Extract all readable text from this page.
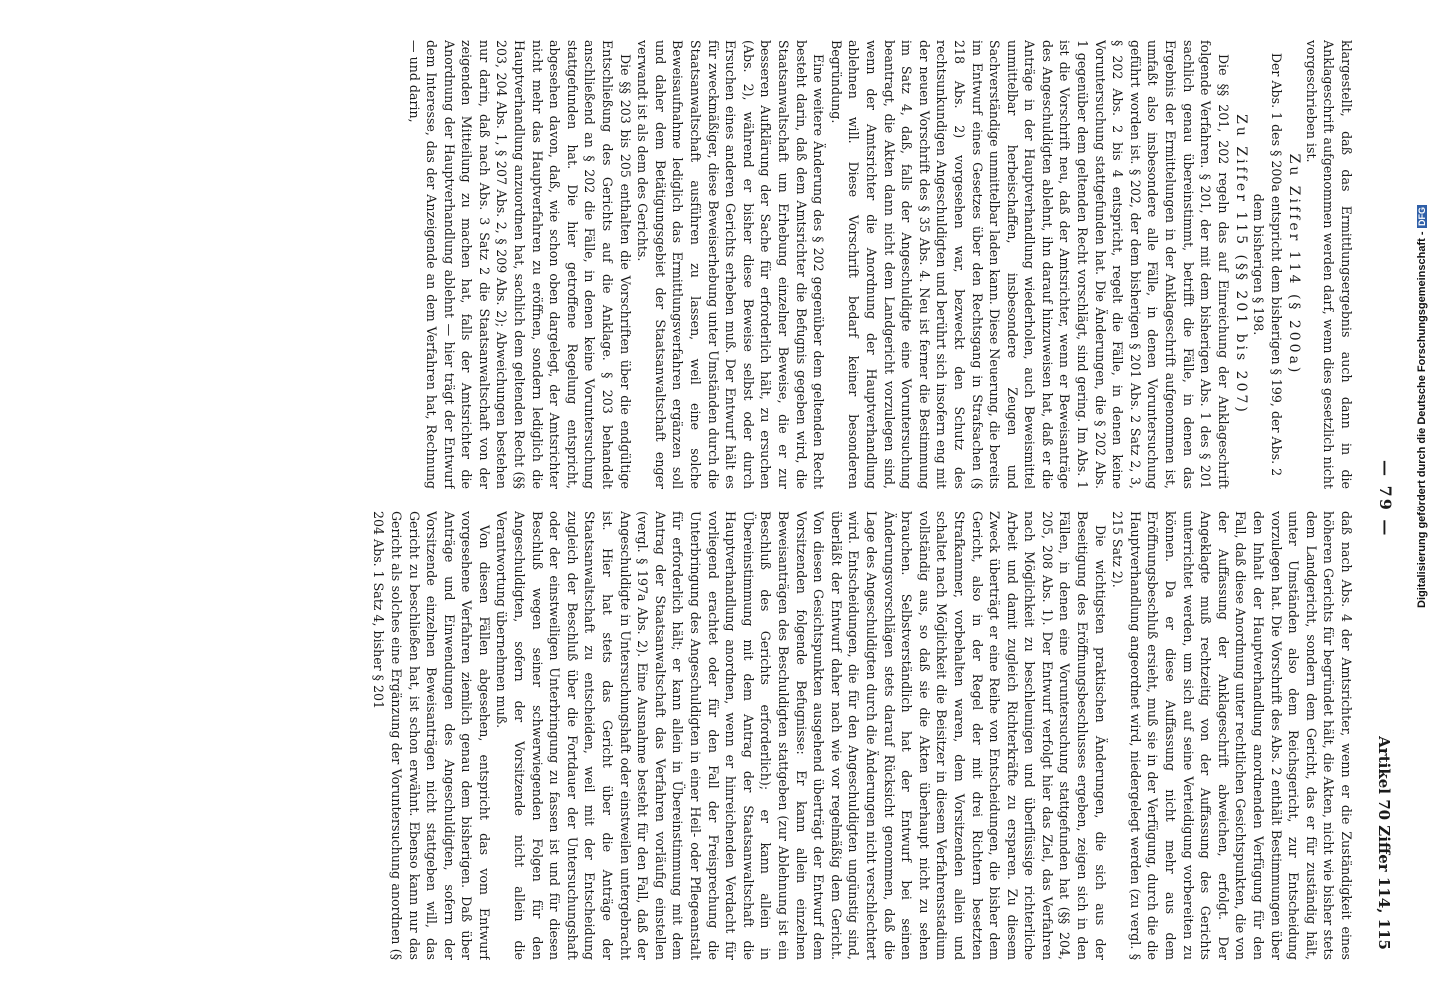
— 79 —
Artikel 70 Ziffer 114, 115

klargestellt, daß das Ermittlungsergebnis auch dann in die Anklageschrift aufgenommen werden darf, wenn dies gesetzlich nicht vorgeschrieben ist.

Zu Ziffer 114 (§ 200a)

Der Abs. 1 des § 200a entspricht dem bisherigen § 199, der Abs. 2 dem bisherigen § 198.

Zu Ziffer 115 (§§ 201 bis 207)

Die §§ 201, 202 regeln das auf Einreichung der Anklageschrift folgende Verfahren. § 201, der mit dem bisherigen Abs. 1 des § 201 sachlich genau übereinstimmt, betrifft die Fälle, in denen das Ergebnis der Ermittelungen in der Anklageschrift aufgenommen ist, umfaßt also insbesondere alle Fälle, in denen Voruntersuchung geführt worden ist. § 202, der dem bisherigen § 201 Abs. 2 Satz 2, 3, § 202 Abs. 2 bis 4 entspricht, regelt die Fälle, in denen keine Voruntersuchung stattgefunden hat. Die Änderungen, die § 202 Abs. 1 gegenüber dem geltenden Recht vorschlägt, sind gering. Im Abs. 1 ist die Vorschrift neu, daß der Amtsrichter, wenn er Beweisanträge des Angeschuldigten ablehnt, ihn darauf hinzuweisen hat, daß er die Anträge in der Hauptverhandlung wiederholen, auch Beweismittel unmittelbar herbeischaffen, insbesondere Zeugen und Sachverständige unmittelbar laden kann. Diese Neuerung, die bereits im Entwurf eines Gesetzes über den Rechtsgang in Strafsachen (§ 218 Abs. 2) vorgesehen war, bezweckt den Schutz des rechtsunkundigen Angeschuldigten und berührt sich insofern eng mit der neuen Vorschrift des § 35 Abs. 4. Neu ist ferner die Bestimmung im Satz 4, daß, falls der Angeschuldigte eine Voruntersuchung beantragt, die Akten dann nicht dem Landgericht vorzulegen sind, wenn der Amtsrichter die Anordnung der Hauptverhandlung ablehnen will. Diese Vorschrift bedarf keiner besonderen Begründung.

Eine weitere Änderung des § 202 gegenüber dem geltenden Recht besteht darin, daß dem Amtsrichter die Befugnis gegeben wird, die Staatsanwaltschaft um Erhebung einzelner Beweise, die er zur besseren Aufklärung der Sache für erforderlich hält, zu ersuchen (Abs. 2), während er bisher diese Beweise selbst oder durch Ersuchen eines anderen Gerichts erheben muß. Der Entwurf hält es für zweckmäßiger, diese Beweiserhebung unter Umständen durch die Staatsanwaltschaft ausführen zu lassen, weil eine solche Beweisaufnahme lediglich das Ermittlungsverfahren ergänzen soll und daher dem Betätigungsgebiet der Staatsanwaltschaft enger verwandt ist als dem des Gerichts.

Die §§ 203 bis 205 enthalten die Vorschriften über die endgültige Entschließung des Gerichts auf die Anklage. § 203 behandelt anschließend an § 202 die Fälle, in denen keine Voruntersuchung stattgefunden hat. Die hier getroffene Regelung entspricht, abgesehen davon, daß, wie schon oben dargelegt, der Amtsrichter nicht mehr das Hauptverfahren zu eröffnen, sondern lediglich die Hauptverhandlung anzuordnen hat, sachlich dem geltenden Recht (§§ 203, 204 Abs. 1, § 207 Abs. 2, § 209 Abs. 2); Abweichungen bestehen nur darin, daß nach Abs. 3 Satz 2 die Staatsanwaltschaft von der zeigenden Mitteilung zu machen hat, falls der Amtsrichter die Anordnung der Hauptverhandlung ablehnt — hier trägt der Entwurf dem Interesse, das der Anzeigende an dem Verfahren hat, Rechnung — und darin,

daß nach Abs. 4 der Amtsrichter, wenn er die Zuständigkeit eines höheren Gerichts für begründet hält, die Akten, nicht wie bisher stets dem Landgericht, sondern dem Gericht, das er für zuständig hält, unter Umständen also dem Reichsgericht, zur Entscheidung vorzulegen hat. Die Vorschrift des Abs. 2 enthält Bestimmungen über den Inhalt der Hauptverhandlung anordnenden Verfügung für den Fall, daß diese Anordnung unter rechtlichen Gesichtspunkten, die von der Auffassung der Anklageschrift abweichen, erfolgt. Der Angeklagte muß rechtzeitig von der Auffassung des Gerichts unterrichtet werden, um sich auf seine Verteidigung vorbereiten zu können. Da er diese Auffassung nicht mehr aus dem Eröffnungsbeschluß ersieht, muß sie in der Verfügung, durch die die Hauptverhandlung angeordnet wird, niedergelegt werden (zu vergl. § 215 Satz 2).

Die wichtigsten praktischen Änderungen, die sich aus der Beseitigung des Eröffnungsbeschlusses ergeben, zeigen sich in den Fällen, in denen eine Voruntersuchung stattgefunden hat (§§ 204, 205, 208 Abs. 1). Der Entwurf verfolgt hier das Ziel, das Verfahren nach Möglichkeit zu beschleunigen und überflüssige richterliche Arbeit und damit zugleich Richterkräfte zu ersparen. Zu diesem Zweck überträgt er eine Reihe von Entscheidungen, die bisher dem Gericht, also in der Regel der mit drei Richtern besetzten Strafkammer, vorbehalten waren, dem Vorsitzenden allein und schaltet nach Möglichkeit die Beisitzer in diesem Verfahrensstadium vollständig aus, so daß sie die Akten überhaupt nicht zu sehen brauchen. Selbstverständlich hat der Entwurf bei seinen Änderungsvorschlägen stets darauf Rücksicht genommen, daß die Lage des Angeschuldigten durch die Änderungen nicht verschlechtert wird. Entscheidungen, die für den Angeschuldigten ungünstig sind, überläßt der Entwurf daher nach wie vor regelmäßig dem Gericht. Von diesen Gesichtspunkten ausgehend überträgt der Entwurf dem Vorsitzenden folgende Befugnisse: Er kann allein einzelnen Beweisanträgen des Beschuldigten stattgeben (zur Ablehnung ist ein Beschluß des Gerichts erforderlich); er kann allein in Übereinstimmung mit dem Antrag der Staatsanwaltschaft die Hauptverhandlung anordnen, wenn er hinreichenden Verdacht für vorliegend erachtet oder für den Fall der Freisprechung die Unterbringung des Angeschuldigten in einer Heil- oder Pflegeanstalt für erforderlich hält; er kann allein in Übereinstimmung mit dem Antrag der Staatsanwaltschaft das Verfahren vorläufig einstellen (vergl. § 197a Abs. 2). Eine Ausnahme besteht für den Fall, daß der Angeschuldigte in Untersuchungshaft oder einstweilen untergebracht ist. Hier hat stets das Gericht über die Anträge der Staatsanwaltschaft zu entscheiden, weil mit der Entscheidung zugleich der Beschluß über die Fortdauer der Untersuchungshaft oder der einstweiligen Unterbringung zu fassen ist und für diesen Beschluß wegen seiner schwerwiegenden Folgen für den Angeschuldigten, sofern der Vorsitzende nicht allein die Verantwortung übernehmen muß.

Von diesen Fällen abgesehen, entspricht das vom Entwurf vorgesehene Verfahren ziemlich genau dem bisherigen. Daß über Anträge und Einwendungen des Angeschuldigten, sofern der Vorsitzende einzelnen Beweisanträgen nicht stattgeben will, das Gericht zu beschließen hat, ist schon erwähnt. Ebenso kann nur das Gericht als solches eine Ergänzung der Voruntersuchung anordnen (§ 204 Abs. 1 Satz 4, bisher § 201

Digitalisierung gefördert durch die Deutsche Forschungsgemeinschaft - DFG
